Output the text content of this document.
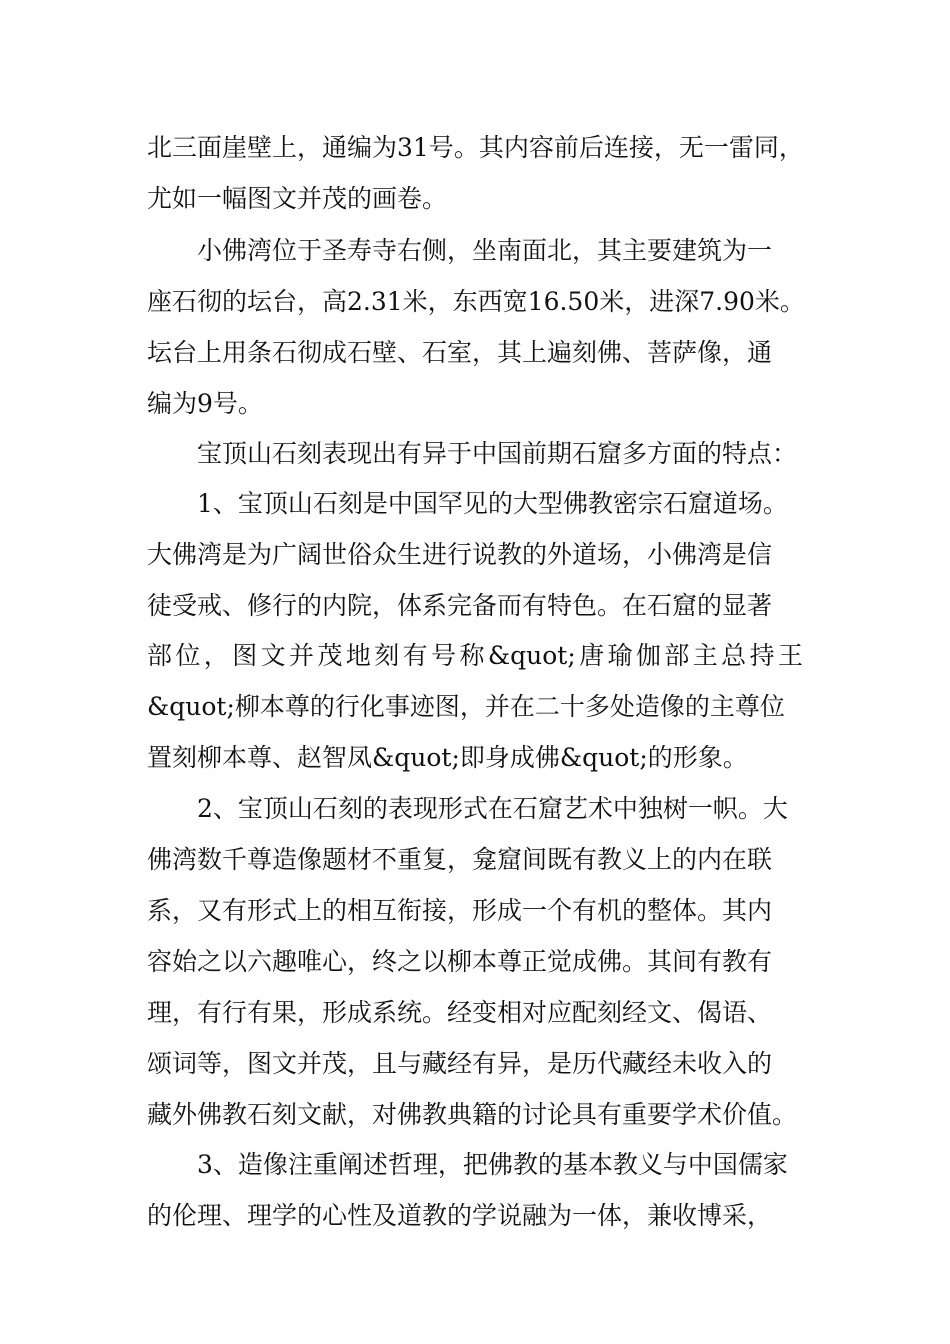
北三面崖壁上，通编为31号。其内容前后连接，无一雷同，

尤如一幅图文并茂的画卷。

小佛湾位于圣寿寺右侧，坐南面北，其主要建筑为一

座石彻的坛台，高2.31米，东西宽16.50米，进深7.90米。

坛台上用条石彻成石壁、石室，其上遍刻佛、菩萨像，通

编为9号。

宝顶山石刻表现出有异于中国前期石窟多方面的特点：

1、宝顶山石刻是中国罕见的大型佛教密宗石窟道场。

大佛湾是为广阔世俗众生进行说教的外道场，小佛湾是信

徒受戒、修行的内院，体系完备而有特色。在石窟的显著

部位，图文并茂地刻有号称&quot;唐瑜伽部主总持王

&quot;柳本尊的行化事迹图，并在二十多处造像的主尊位

置刻柳本尊、赵智凤&quot;即身成佛&quot;的形象。

2、宝顶山石刻的表现形式在石窟艺术中独树一帜。大

佛湾数千尊造像题材不重复，龛窟间既有教义上的内在联

系，又有形式上的相互衔接，形成一个有机的整体。其内

容始之以六趣唯心，终之以柳本尊正觉成佛。其间有教有

理，有行有果，形成系统。经变相对应配刻经文、偈语、

颂词等，图文并茂，且与藏经有异，是历代藏经未收入的

藏外佛教石刻文献，对佛教典籍的讨论具有重要学术价值。

3、造像注重阐述哲理，把佛教的基本教义与中国儒家

的伦理、理学的心性及道教的学说融为一体，兼收博采，
